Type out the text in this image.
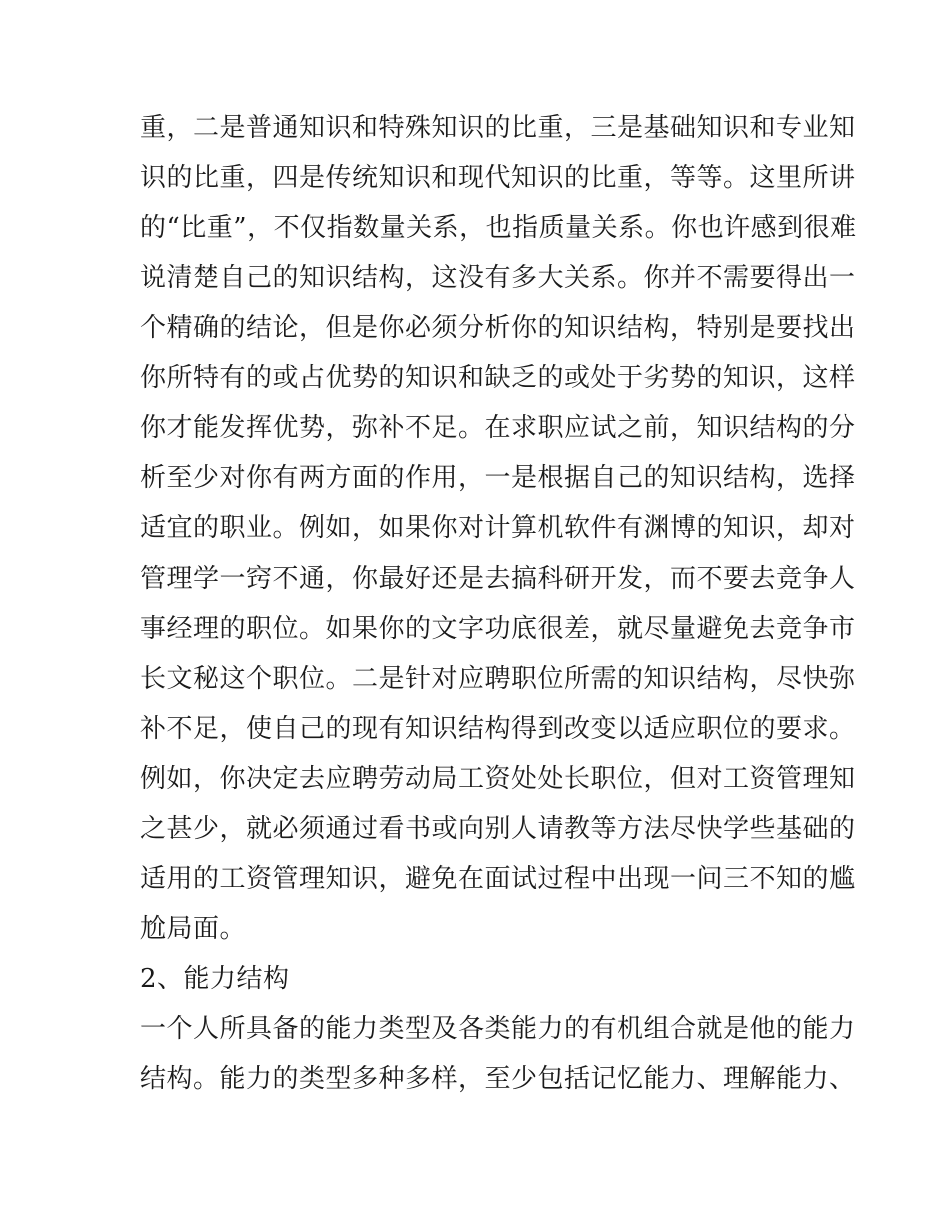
重，二是普通知识和特殊知识的比重，三是基础知识和专业知
识的比重，四是传统知识和现代知识的比重，等等。这里所讲
的“比重”，不仅指数量关系，也指质量关系。你也许感到很难
说清楚自己的知识结构，这没有多大关系。你并不需要得出一
个精确的结论，但是你必须分析你的知识结构，特别是要找出
你所特有的或占优势的知识和缺乏的或处于劣势的知识，这样
你才能发挥优势，弥补不足。在求职应试之前，知识结构的分
析至少对你有两方面的作用，一是根据自己的知识结构，选择
适宜的职业。例如，如果你对计算机软件有渊博的知识，却对
管理学一窍不通，你最好还是去搞科研开发，而不要去竞争人
事经理的职位。如果你的文字功底很差，就尽量避免去竞争市
长文秘这个职位。二是针对应聘职位所需的知识结构，尽快弥
补不足，使自己的现有知识结构得到改变以适应职位的要求。
例如，你决定去应聘劳动局工资处处长职位，但对工资管理知
之甚少，就必须通过看书或向别人请教等方法尽快学些基础的
适用的工资管理知识，避免在面试过程中出现一问三不知的尴
尬局面。
2、能力结构
一个人所具备的能力类型及各类能力的有机组合就是他的能力
结构。能力的类型多种多样，至少包括记忆能力、理解能力、
